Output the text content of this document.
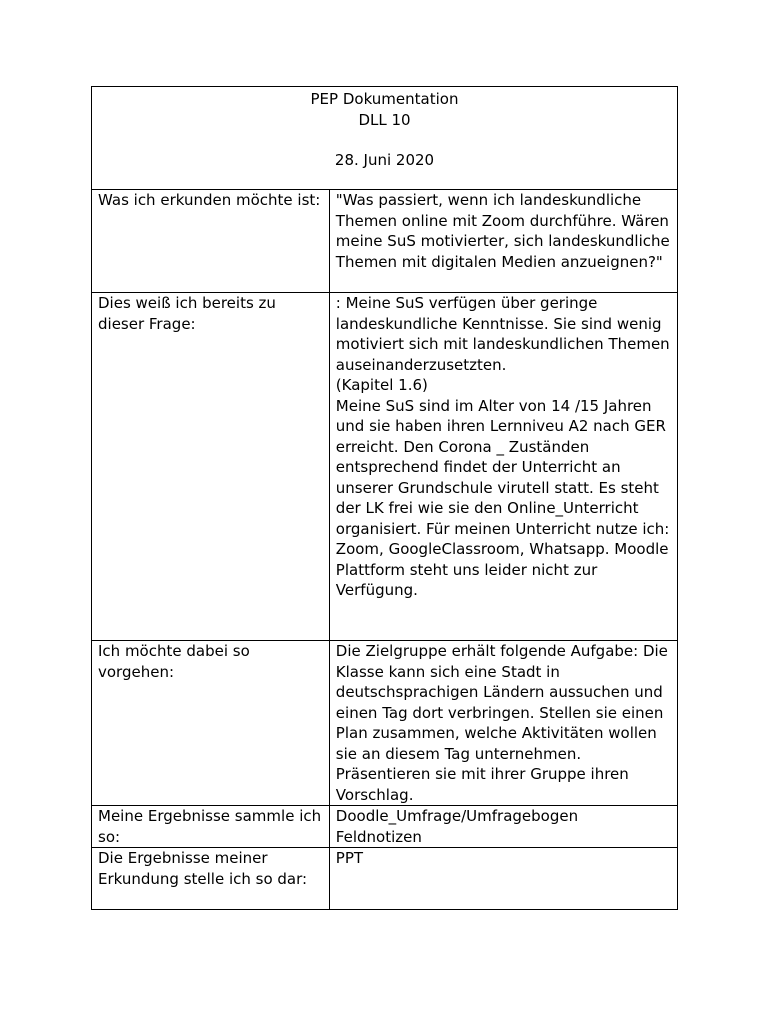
PEP Dokumentation
DLL 10
28. Juni 2020	

Was ich erkunden möchte ist:	"Was passiert, wenn ich landeskundliche Themen online mit Zoom durchführe. Wären meine SuS motivierter, sich landeskundliche Themen mit digitalen Medien anzueignen?"
Dies weiß ich bereits zu dieser Frage:	: Meine SuS verfügen über geringe landeskundliche Kenntnisse. Sie sind wenig motiviert sich mit landeskundlichen Themen auseinanderzusetzten.
(Kapitel 1.6)
Meine SuS sind im Alter von 14 /15 Jahren und sie haben ihren Lernniveu A2 nach GER erreicht. Den Corona _ Zuständen entsprechend findet der Unterricht an unserer Grundschule virutell statt. Es steht der LK frei wie sie den Online_Unterricht organisiert. Für meinen Unterricht nutze ich: Zoom, GoogleClassroom, Whatsapp. Moodle Plattform steht uns leider nicht zur Verfügung.
Ich möchte dabei so vorgehen:	Die Zielgruppe erhält folgende Aufgabe: Die Klasse kann sich eine Stadt in deutschsprachigen Ländern aussuchen und einen Tag dort verbringen. Stellen sie einen Plan zusammen, welche Aktivitäten wollen sie an diesem Tag unternehmen. Präsentieren sie mit ihrer Gruppe ihren Vorschlag.
Meine Ergebnisse sammle ich so:	Doodle_Umfrage/Umfragebogen
Feldnotizen
Die Ergebnisse meiner Erkundung stelle ich so dar:	PPT
